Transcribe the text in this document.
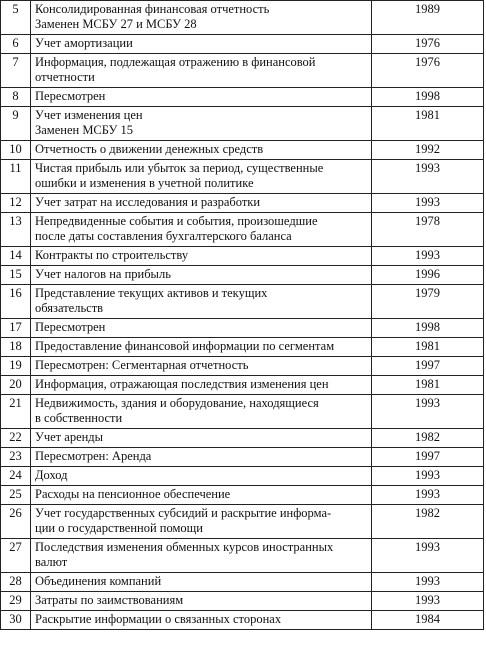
5	Консолидированная финансовая отчетность
Заменен МСБУ 27 и МСБУ 28	1989
6	Учет амортизации	1976
7	Информация, подлежащая отражению в финансовой
отчетности	1976
8	Пересмотрен	1998
9	Учет изменения цен
Заменен МСБУ 15	1981
10	Отчетность о движении денежных средств	1992
11	Чистая прибыль или убыток за период, существенные
ошибки и изменения в учетной политике	1993
12	Учет затрат на исследования и разработки	1993
13	Непредвиденные события и события, произошедшие
после даты составления бухгалтерского баланса	1978
14	Контракты по строительству	1993
15	Учет налогов на прибыль	1996
16	Представление текущих активов и текущих
обязательств	1979
17	Пересмотрен	1998
18	Предоставление финансовой информации по сегментам	1981
19	Пересмотрен: Сегментарная отчетность	1997
20	Информация, отражающая последствия изменения цен	1981
21	Недвижимость, здания и оборудование, находящиеся
в собственности	1993
22	Учет аренды	1982
23	Пересмотрен: Аренда	1997
24	Доход	1993
25	Расходы на пенсионное обеспечение	1993
26	Учет государственных субсидий и раскрытие информа-
ции о государственной помощи	1982
27	Последствия изменения обменных курсов иностранных
валют	1993
28	Объединения компаний	1993
29	Затраты по заимствованиям	1993
30	Раскрытие информации о связанных сторонах	1984
